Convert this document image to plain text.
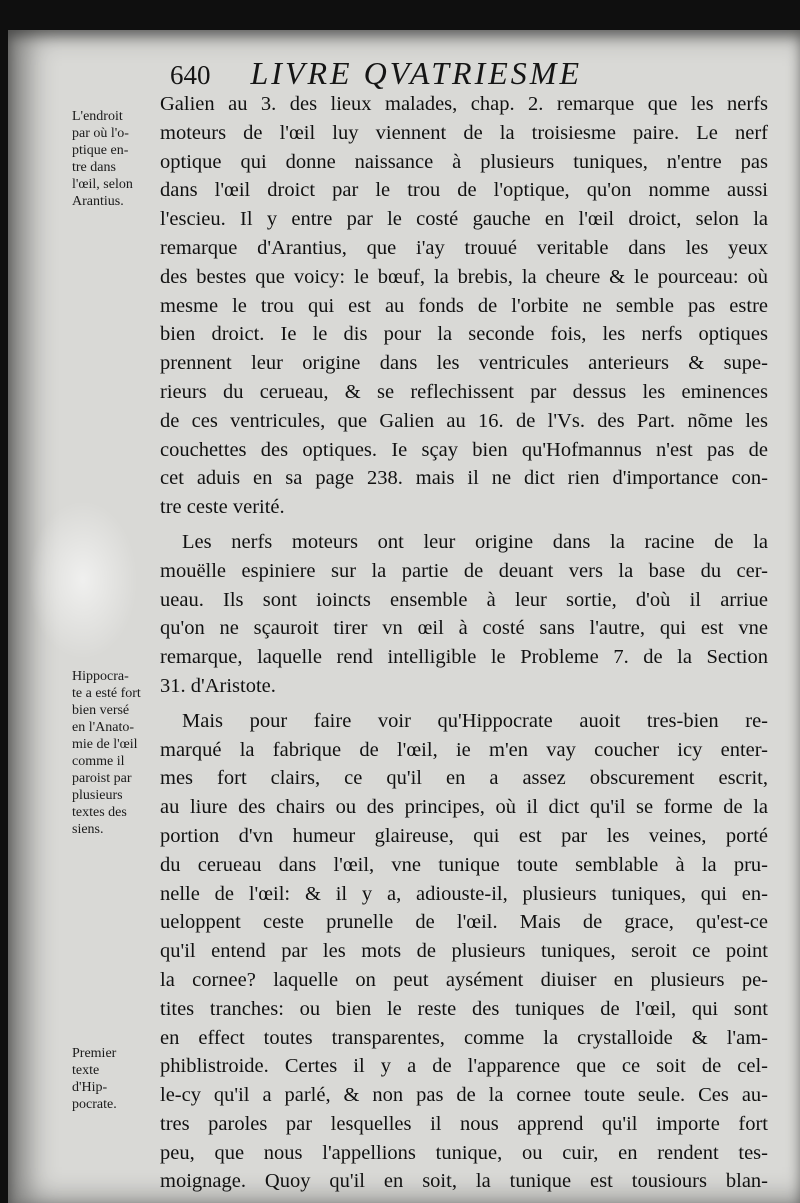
640 LIVRE QVATRIESME
L'endroit
par où l'o-
ptique en-
tre dans
l'œil, selon
Arantius.
Hippocra-
te a esté fort
bien versé
en l'Anato-
mie de l'œil
comme il
paroist par
plusieurs
textes des
siens.
Premier
texte
d'Hip-
pocrate.

Galien au 3. des lieux malades, chap. 2. remarque que les nerfs
moteurs de l'œil luy viennent de la troisiesme paire. Le nerf
optique qui donne naissance à plusieurs tuniques, n'entre pas
dans l'œil droict par le trou de l'optique, qu'on nomme aussi
l'escieu. Il y entre par le costé gauche en l'œil droict, selon la
remarque d'Arantius, que i'ay trouué veritable dans les yeux
des bestes que voicy: le bœuf, la brebis, la cheure & le pourceau: où
mesme le trou qui est au fonds de l'orbite ne semble pas estre
bien droict. Ie le dis pour la seconde fois, les nerfs optiques
prennent leur origine dans les ventricules anterieurs & supe-
rieurs du cerueau, & se reflechissent par dessus les eminences
de ces ventricules, que Galien au 16. de l'Vs. des Part. nõme les
couchettes des optiques. Ie sçay bien qu'Hofmannus n'est pas de
cet aduis en sa page 238. mais il ne dict rien d'importance con-
tre ceste verité.

Les nerfs moteurs ont leur origine dans la racine de la
mouëlle espiniere sur la partie de deuant vers la base du cer-
ueau. Ils sont ioincts ensemble à leur sortie, d'où il arriue
qu'on ne sçauroit tirer vn œil à costé sans l'autre, qui est vne
remarque, laquelle rend intelligible le Probleme 7. de la Section
31. d'Aristote.

Mais pour faire voir qu'Hippocrate auoit tres-bien re-
marqué la fabrique de l'œil, ie m'en vay coucher icy enter-
mes fort clairs, ce qu'il en a assez obscurement escrit,
au liure des chairs ou des principes, où il dict qu'il se forme de la
portion d'vn humeur glaireuse, qui est par les veines, porté
du cerueau dans l'œil, vne tunique toute semblable à la pru-
nelle de l'œil: & il y a, adiouste-il, plusieurs tuniques, qui en-
ueloppent ceste prunelle de l'œil. Mais de grace, qu'est-ce
qu'il entend par les mots de plusieurs tuniques, seroit ce point
la cornee? laquelle on peut aysément diuiser en plusieurs pe-
tites tranches: ou bien le reste des tuniques de l'œil, qui sont
en effect toutes transparentes, comme la crystalloide & l'am-
phiblistroide. Certes il y a de l'apparence que ce soit de cel-
le-cy qu'il a parlé, & non pas de la cornee toute seule. Ces au-
tres paroles par lesquelles il nous apprend qu'il importe fort
peu, que nous l'appellions tunique, ou cuir, en rendent tes-
moignage. Quoy qu'il en soit, la tunique est tousiours blan-
